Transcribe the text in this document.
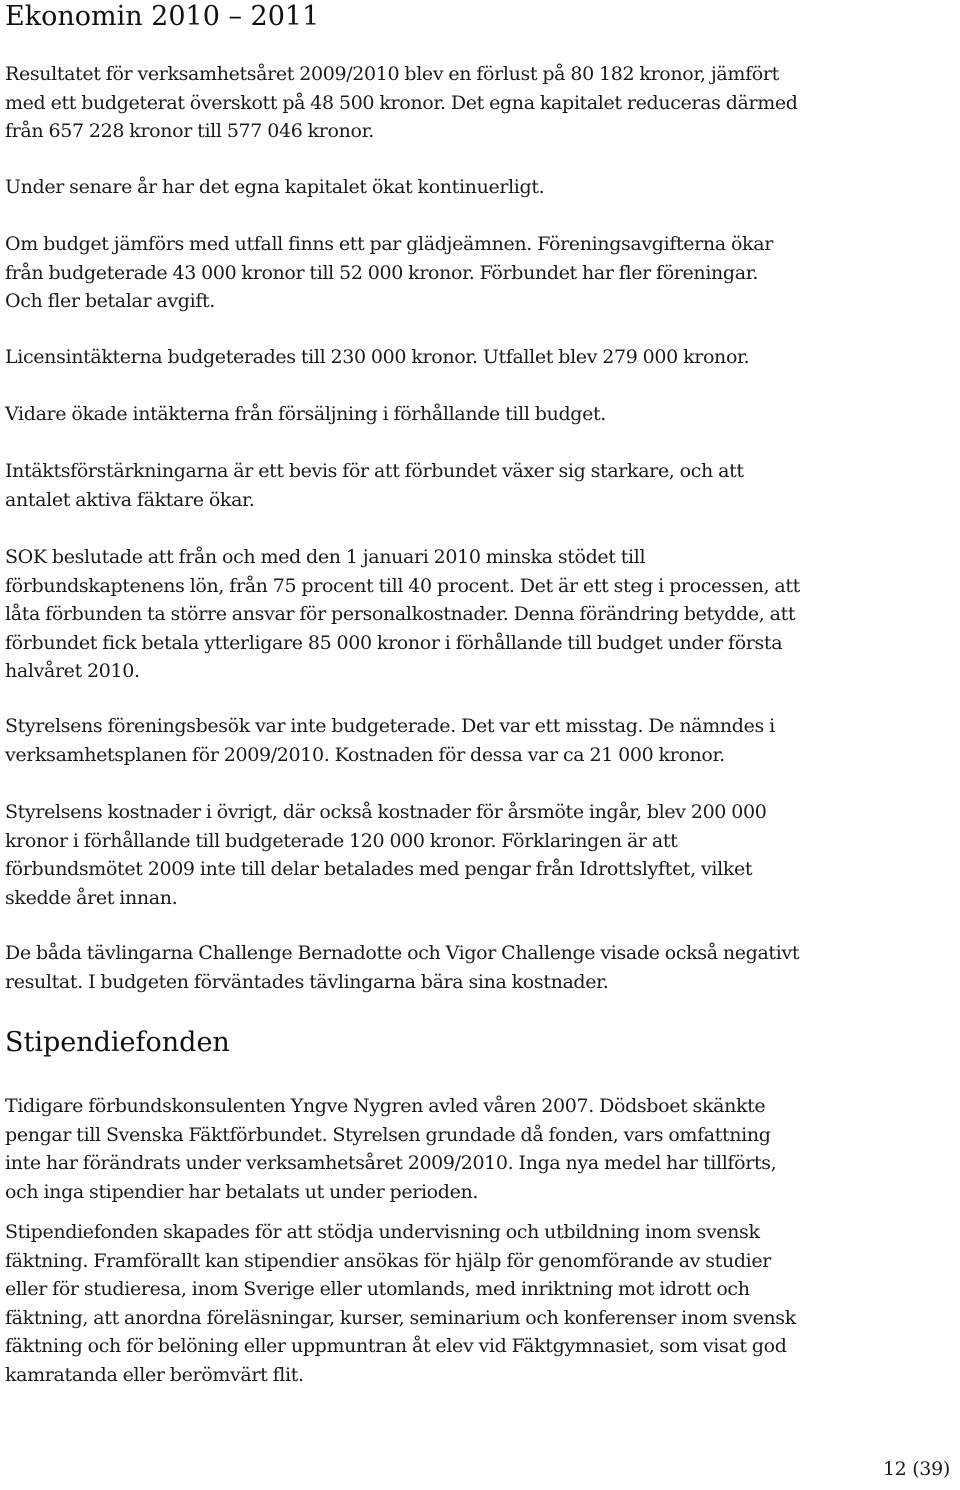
Ekonomin 2010 – 2011

Resultatet för verksamhetsåret 2009/2010 blev en förlust på 80 182 kronor, jämfört
med ett budgeterat överskott på 48 500 kronor. Det egna kapitalet reduceras därmed
från 657 228 kronor till 577 046 kronor.

Under senare år har det egna kapitalet ökat kontinuerligt.

Om budget jämförs med utfall finns ett par glädjeämnen. Föreningsavgifterna ökar
från budgeterade 43 000 kronor till 52 000 kronor. Förbundet har fler föreningar.
Och fler betalar avgift.

Licensintäkterna budgeterades till 230 000 kronor. Utfallet blev 279 000 kronor.

Vidare ökade intäkterna från försäljning i förhållande till budget.

Intäktsförstärkningarna är ett bevis för att förbundet växer sig starkare, och att
antalet aktiva fäktare ökar.

SOK beslutade att från och med den 1 januari 2010 minska stödet till
förbundskaptenens lön, från 75 procent till 40 procent. Det är ett steg i processen, att
låta förbunden ta större ansvar för personalkostnader. Denna förändring betydde, att
förbundet fick betala ytterligare 85 000 kronor i förhållande till budget under första
halvåret 2010.

Styrelsens föreningsbesök var inte budgeterade. Det var ett misstag. De nämndes i
verksamhetsplanen för 2009/2010. Kostnaden för dessa var ca 21 000 kronor.

Styrelsens kostnader i övrigt, där också kostnader för årsmöte ingår, blev 200 000
kronor i förhållande till budgeterade 120 000 kronor. Förklaringen är att
förbundsmötet 2009 inte till delar betalades med pengar från Idrottslyftet, vilket
skedde året innan.

De båda tävlingarna Challenge Bernadotte och Vigor Challenge visade också negativt
resultat. I budgeten förväntades tävlingarna bära sina kostnader.

Stipendiefonden

Tidigare förbundskonsulenten Yngve Nygren avled våren 2007. Dödsboet skänkte
pengar till Svenska Fäktförbundet. Styrelsen grundade då fonden, vars omfattning
inte har förändrats under verksamhetsåret 2009/2010. Inga nya medel har tillförts,
och inga stipendier har betalats ut under perioden.

Stipendiefonden skapades för att stödja undervisning och utbildning inom svensk
fäktning. Framförallt kan stipendier ansökas för hjälp för genomförande av studier
eller för studieresa, inom Sverige eller utomlands, med inriktning mot idrott och
fäktning, att anordna föreläsningar, kurser, seminarium och konferenser inom svensk
fäktning och för belöning eller uppmuntran åt elev vid Fäktgymnasiet, som visat god
kamratanda eller berömvärt flit.

12 (39)
